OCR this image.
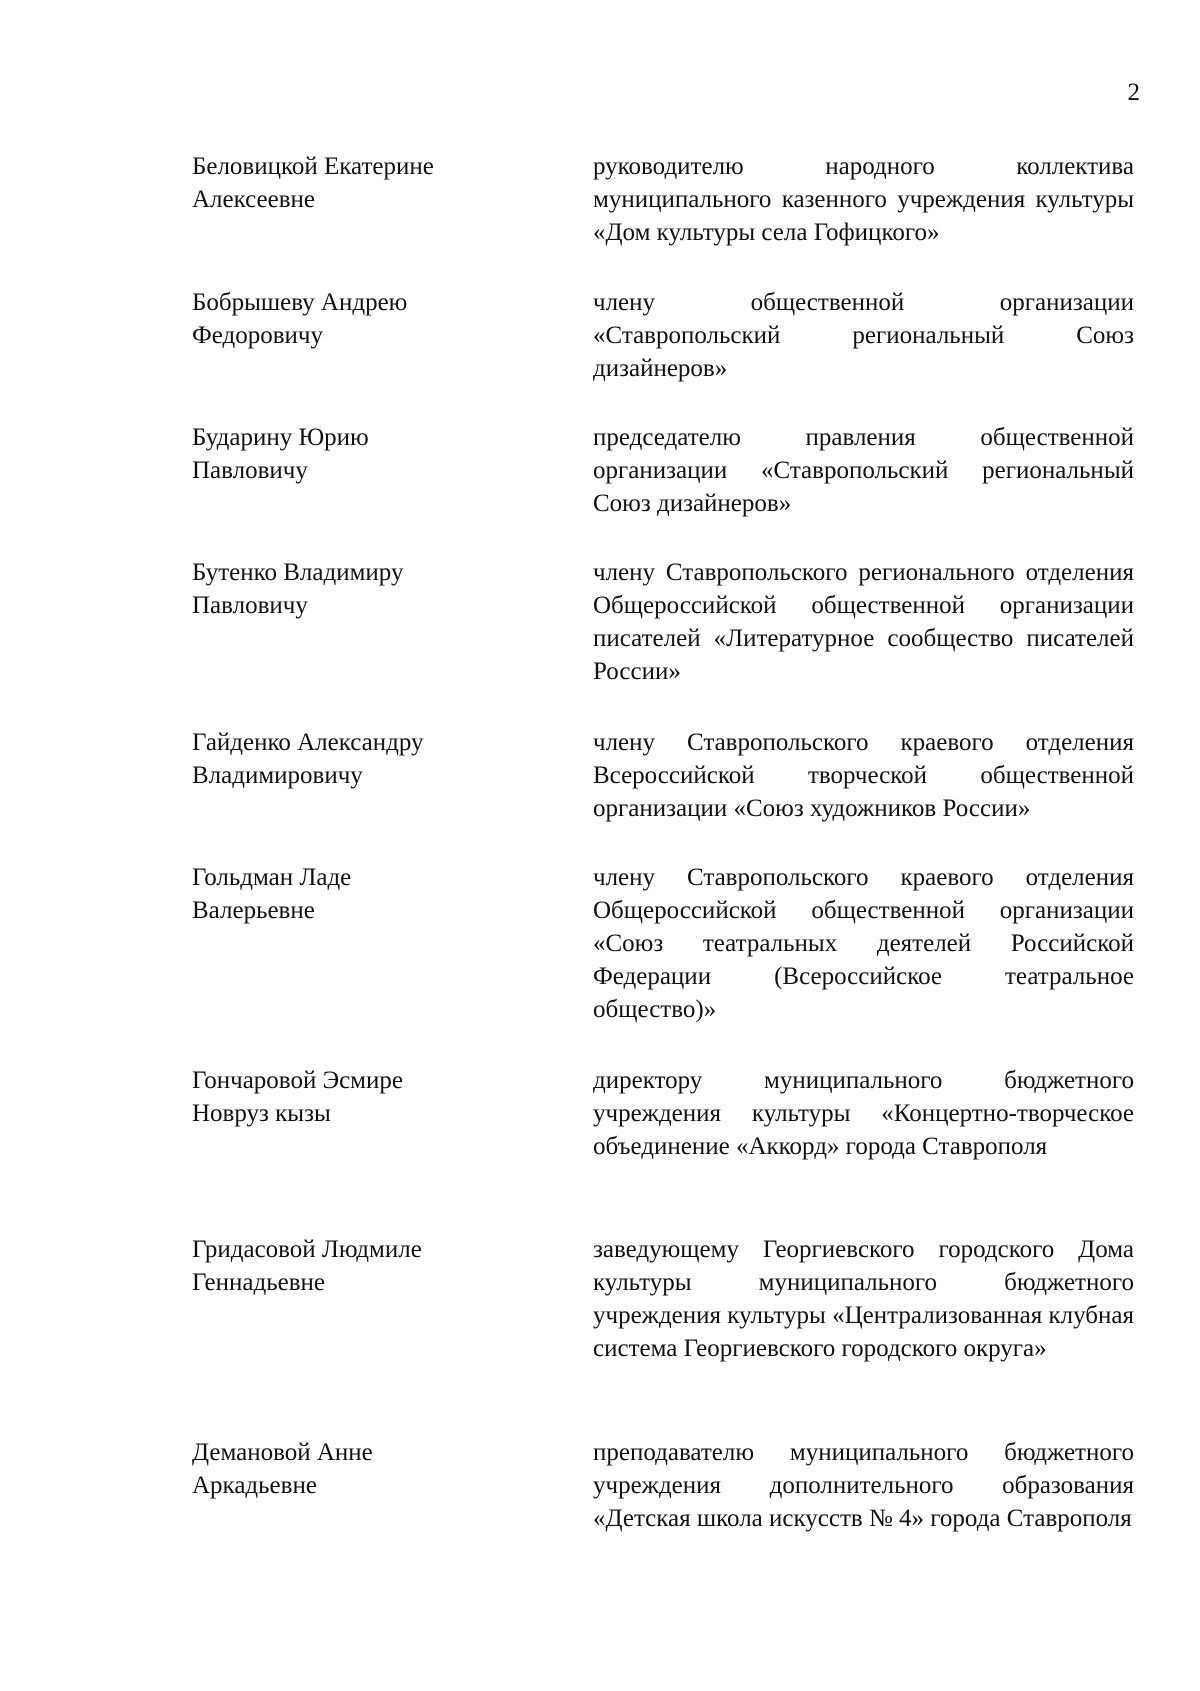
2
Беловицкой Екатерине
Алексеевне
руководителю народного коллектива муниципального казенного учреждения культуры «Дом культуры села Гофицкого»
Бобрышеву Андрею
Федоровичу
члену общественной организации «Ставропольский региональный Союз дизайнеров»
Бударину Юрию
Павловичу
председателю правления общественной организации «Ставропольский региональный Союз дизайнеров»
Бутенко Владимиру
Павловичу
члену Ставропольского регионального отделения Общероссийской общественной организации писателей «Литературное сообщество писателей России»
Гайденко Александру
Владимировичу
члену Ставропольского краевого отделения Всероссийской творческой общественной организации «Союз художников России»
Гольдман Ладе
Валерьевне
члену Ставропольского краевого отделения Общероссийской общественной организации «Союз театральных деятелей Российской Федерации (Всероссийское театральное общество)»
Гончаровой Эсмире
Новруз кызы
директору муниципального бюджетного учреждения культуры «Концертно-творческое объединение «Аккорд» города Ставрополя
Гридасовой Людмиле
Геннадьевне
заведующему Георгиевского городского Дома культуры муниципального бюджетного учреждения культуры «Централизованная клубная система Георгиевского городского округа»
Демановой Анне
Аркадьевне
преподавателю муниципального бюджетного учреждения дополнительного образования «Детская школа искусств № 4» города Ставрополя
